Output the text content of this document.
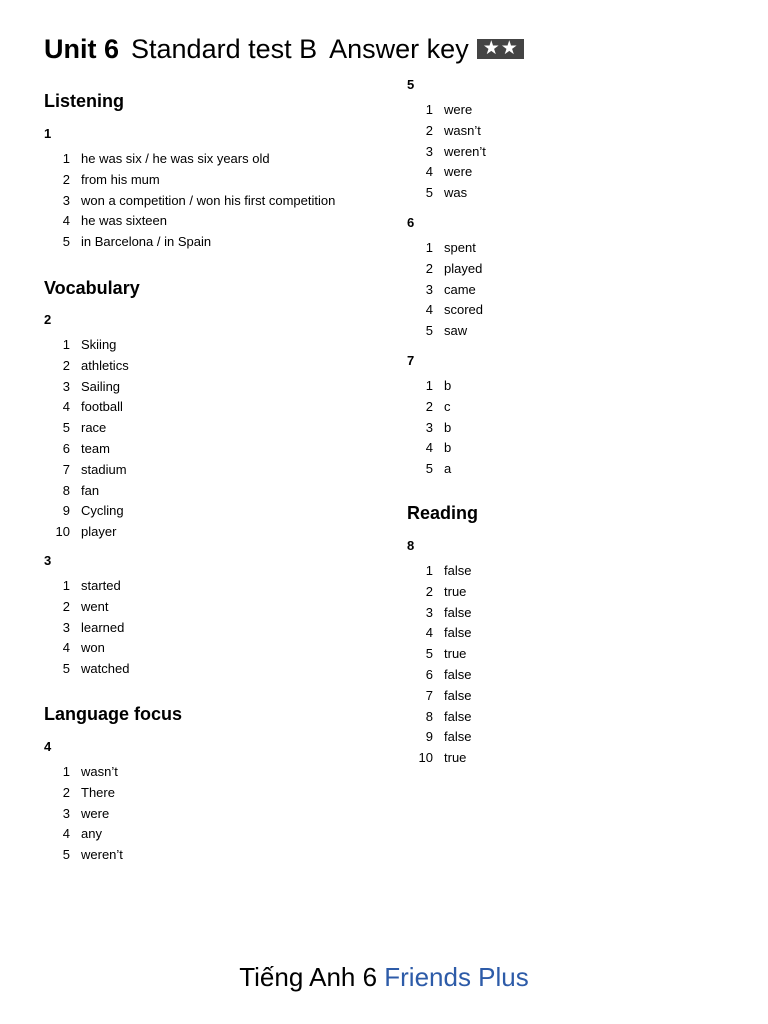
Unit 6 Standard test B Answer key ★★
Listening
1
1 he was six / he was six years old
2 from his mum
3 won a competition / won his first competition
4 he was sixteen
5 in Barcelona / in Spain
Vocabulary
2
1 Skiing
2 athletics
3 Sailing
4 football
5 race
6 team
7 stadium
8 fan
9 Cycling
10 player
3
1 started
2 went
3 learned
4 won
5 watched
Language focus
4
1 wasn’t
2 There
3 were
4 any
5 weren’t
5
1 were
2 wasn’t
3 weren’t
4 were
5 was
6
1 spent
2 played
3 came
4 scored
5 saw
7
1 b
2 c
3 b
4 b
5 a
Reading
8
1 false
2 true
3 false
4 false
5 true
6 false
7 false
8 false
9 false
10 true
Tiếng Anh 6 Friends Plus
